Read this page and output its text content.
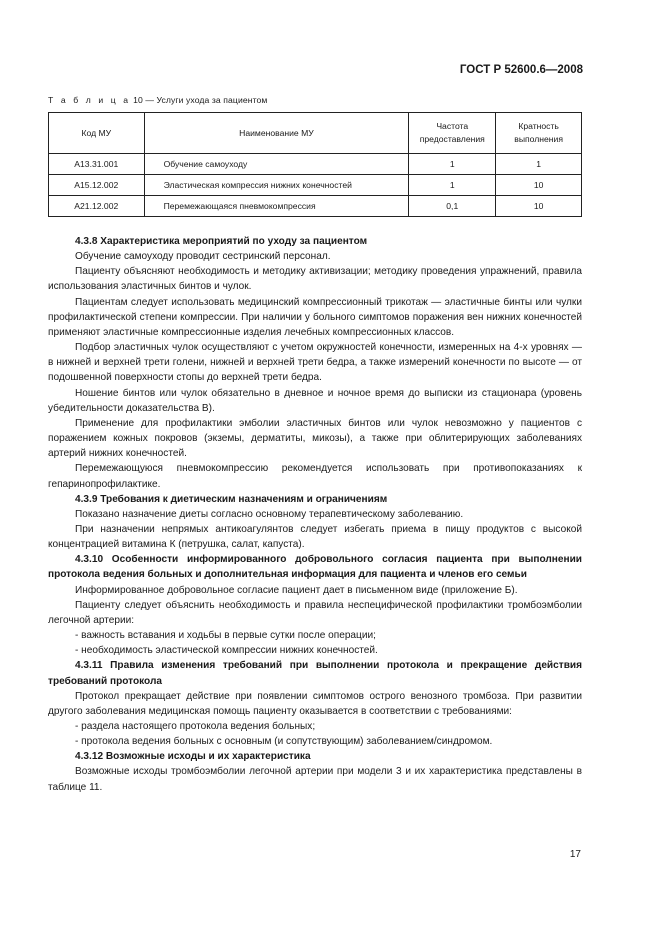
ГОСТ Р 52600.6—2008
Т а б л и ц а 10 — Услуги ухода за пациентом
Код МУ	Наименование МУ	Частота предоставления	Кратность выполнения
А13.31.001	Обучение самоуходу	1	1
А15.12.002	Эластическая компрессия нижних конечностей	1	10
А21.12.002	Перемежающаяся пневмокомпрессия	0,1	10

4.3.8 Характеристика мероприятий по уходу за пациентом

Обучение самоуходу проводит сестринский персонал.

Пациенту объясняют необходимость и методику активизации; методику проведения упражнений, правила использования эластичных бинтов и чулок.

Пациентам следует использовать медицинский компрессионный трикотаж — эластичные бинты или чулки профилактической степени компрессии. При наличии у больного симптомов поражения вен нижних конечностей применяют эластичные компрессионные изделия лечебных компрессионных классов.

Подбор эластичных чулок осуществляют с учетом окружностей конечности, измеренных на 4-х уровнях — в нижней и верхней трети голени, нижней и верхней трети бедра, а также измерений конечности по высоте — от подошвенной поверхности стопы до верхней трети бедра.

Ношение бинтов или чулок обязательно в дневное и ночное время до выписки из стационара (уровень убедительности доказательства В).

Применение для профилактики эмболии эластичных бинтов или чулок невозможно у пациентов с поражением кожных покровов (экземы, дерматиты, микозы), а также при облитерирующих заболеваниях артерий нижних конечностей.

Перемежающуюся пневмокомпрессию рекомендуется использовать при противопоказаниях к гепаринопрофилактике.

4.3.9 Требования к диетическим назначениям и ограничениям

Показано назначение диеты согласно основному терапевтическому заболеванию.

При назначении непрямых антикоагулянтов следует избегать приема в пищу продуктов с высокой концентрацией витамина К (петрушка, салат, капуста).

4.3.10 Особенности информированного добровольного согласия пациента при выполнении протокола ведения больных и дополнительная информация для пациента и членов его семьи

Информированное добровольное согласие пациент дает в письменном виде (приложение Б).

Пациенту следует объяснить необходимость и правила неспецифической профилактики тромбоэмболии легочной артерии:

- важность вставания и ходьбы в первые сутки после операции;

- необходимость эластической компрессии нижних конечностей.

4.3.11 Правила изменения требований при выполнении протокола и прекращение действия требований протокола

Протокол прекращает действие при появлении симптомов острого венозного тромбоза. При развитии другого заболевания медицинская помощь пациенту оказывается в соответствии с требованиями:

- раздела настоящего протокола ведения больных;

- протокола ведения больных с основным (и сопутствующим) заболеванием/синдромом.

4.3.12 Возможные исходы и их характеристика

Возможные исходы тромбоэмболии легочной артерии при модели 3 и их характеристика представлены в таблице 11.

17
